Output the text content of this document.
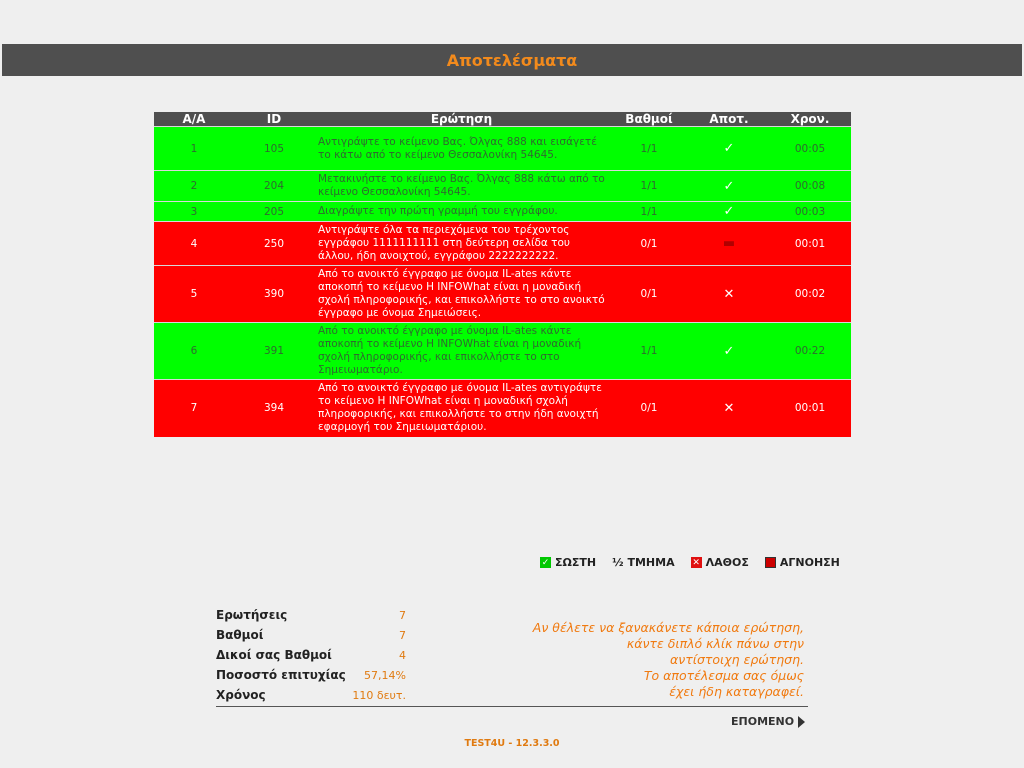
Αποτελέσματα
Α/Α	ID	Ερώτηση	Βαθμοί	Αποτ.	Χρον.
1	105	Αντιγράψτε το κείμενο Βας. Όλγας 888 και εισάγετέ το κάτω από το κείμενο Θεσσαλονίκη 54645.	1/1	✓	00:05
2	204	Μετακινήστε το κείμενο Βας. Όλγας 888 κάτω από το κείμενο Θεσσαλονίκη 54645.	1/1	✓	00:08
3	205	Διαγράψτε την πρώτη γραμμή του εγγράφου.	1/1	✓	00:03
4	250	Αντιγράψτε όλα τα περιεχόμενα του τρέχοντος εγγράφου 1111111111 στη δεύτερη σελίδα του άλλου, ήδη ανοιχτού, εγγράφου 2222222222.	0/1	▬	00:01
5	390	Από το ανοικτό έγγραφο με όνομα IL-ates κάντε αποκοπή το κείμενο Η INFOWhat είναι η μοναδική σχολή πληροφορικής, και επικολλήστε το στο ανοικτό έγγραφο με όνομα Σημειώσεις.	0/1	✕	00:02
6	391	Από το ανοικτό έγγραφο με όνομα IL-ates κάντε αποκοπή το κείμενο Η INFOWhat είναι η μοναδική σχολή πληροφορικής, και επικολλήστε το στο Σημειωματάριο.	1/1	✓	00:22
7	394	Από το ανοικτό έγγραφο με όνομα IL-ates αντιγράψτε το κείμενο Η INFOWhat είναι η μοναδική σχολή πληροφορικής, και επικολλήστε το στην ήδη ανοιχτή εφαρμογή του Σημειωματάριου.	0/1	✕	00:01
✓ ΣΩΣΤΗ ½ ΤΜΗΜΑ ✕ ΛΑΘΟΣ	ΑΓΝΟΗΣΗ
Ερωτήσεις	7
Βαθμοί	7
Δικοί σας Βαθμοί	4
Ποσοστό επιτυχίας 57,14%
Χρόνος	110 δευτ.
Αν θέλετε να ξανακάνετε κάποια ερώτηση,
κάντε διπλό κλίκ πάνω στην
αντίστοιχη ερώτηση.
Το αποτέλεσμα σας όμως
έχει ήδη καταγραφεί.
ΕΠΟΜΕΝΟ
TEST4U - 12.3.3.0
